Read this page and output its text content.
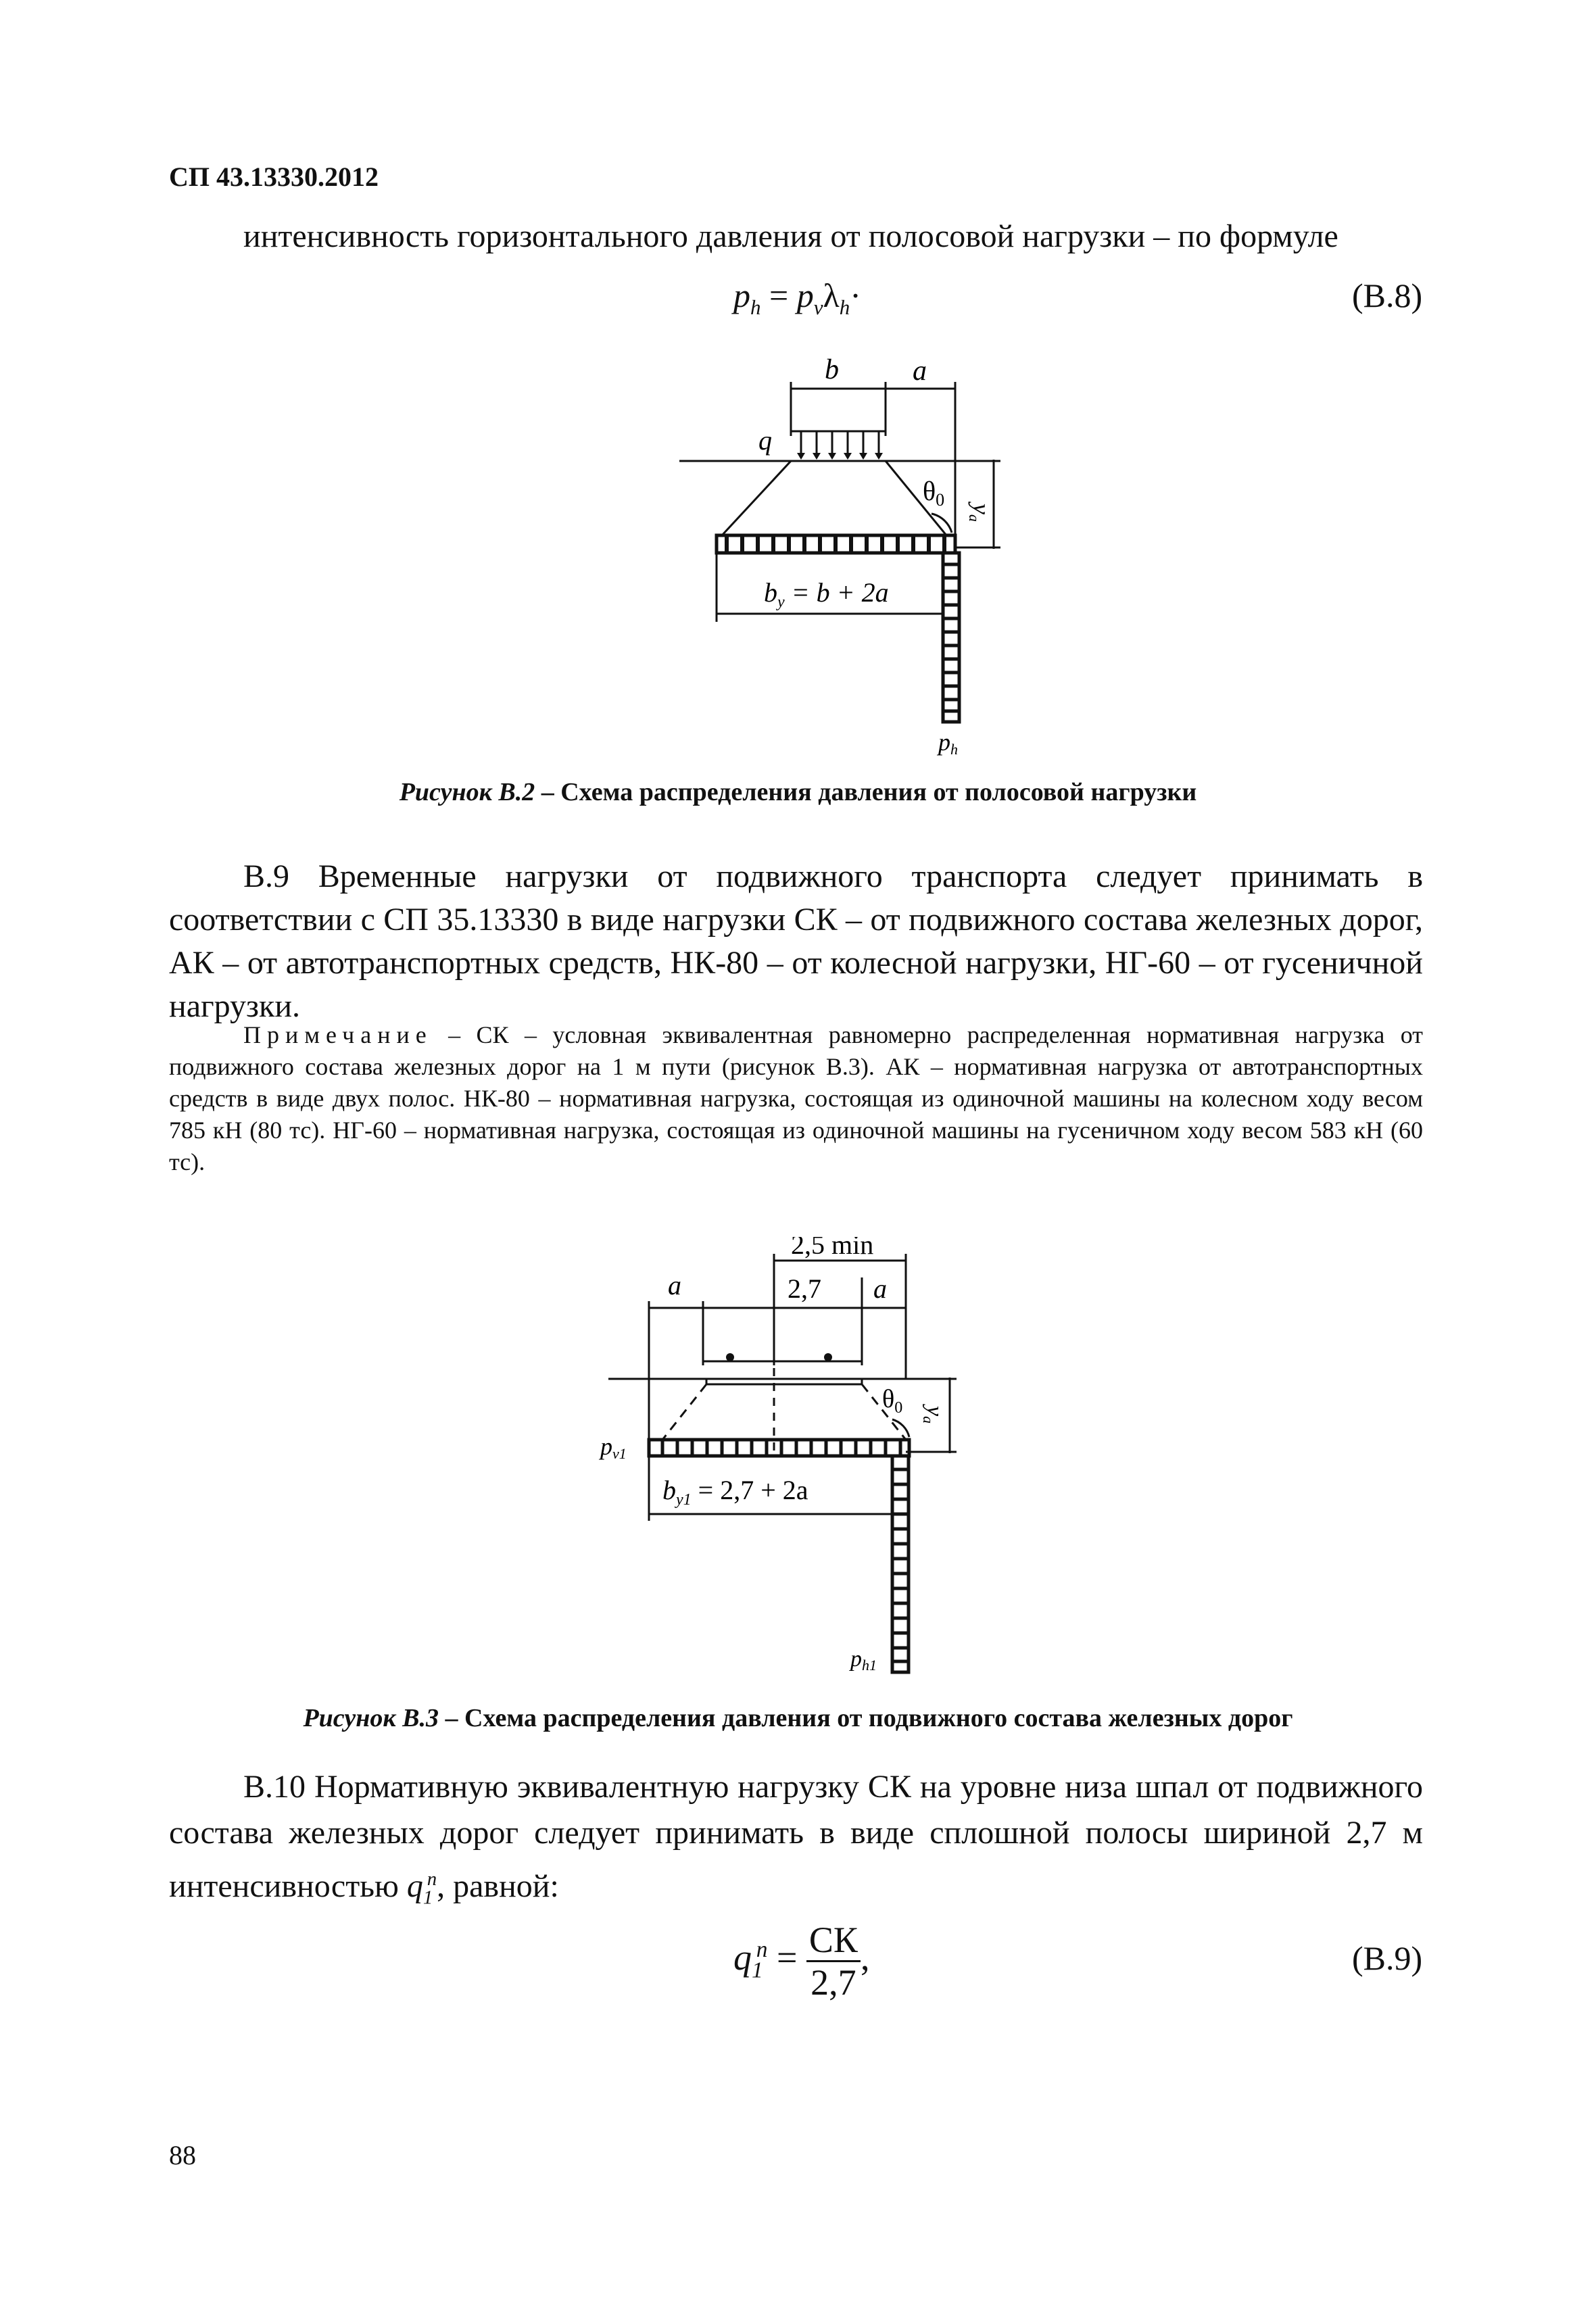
СП 43.13330.2012
интенсивность горизонтального давления от полосовой нагрузки – по формуле
$p_h = p_v\lambda_h\cdot$	(В.8)
b	a
q
$\theta_0$ ya
$b_y = b + 2a$
ph
Рисунок В.2 – Схема распределения давления от полосовой нагрузки
В.9 Временные нагрузки от подвижного транспорта следует принимать в соответствии с СП 35.13330 в виде нагрузки СК – от подвижного состава железных дорог, АК – от автотранспортных средств, НК-80 – от колесной нагрузки, НГ-60 – от гусеничной нагрузки.
Примечание – СК – условная эквивалентная равномерно распределенная нормативная нагрузка от подвижного состава железных дорог на 1 м пути (рисунок В.3). АК – нормативная нагрузка от автотранспортных средств в виде двух полос. НК-80 – нормативная нагрузка, состоящая из одиночной машины на колесном ходу весом 785 кН (80 тс). НГ-60 – нормативная нагрузка, состоящая из одиночной машины на гусеничном ходу весом 583 кН (60 тс).
2,5 min
a	2,7 a
$\theta_0$ ya
pv1
$b_{y1} = 2,7 + 2a$
ph1
Рисунок В.3 – Схема распределения давления от подвижного состава железных дорог
В.10 Нормативную эквивалентную нагрузку СК на уровне низа шпал от подвижного состава железных дорог следует принимать в виде сплошной полосы шириной 2,7 м интенсивностью $q_1^n$, равной:
$q_1^n = \frac{СК}{2,7}$ ,	(В.9)
88
